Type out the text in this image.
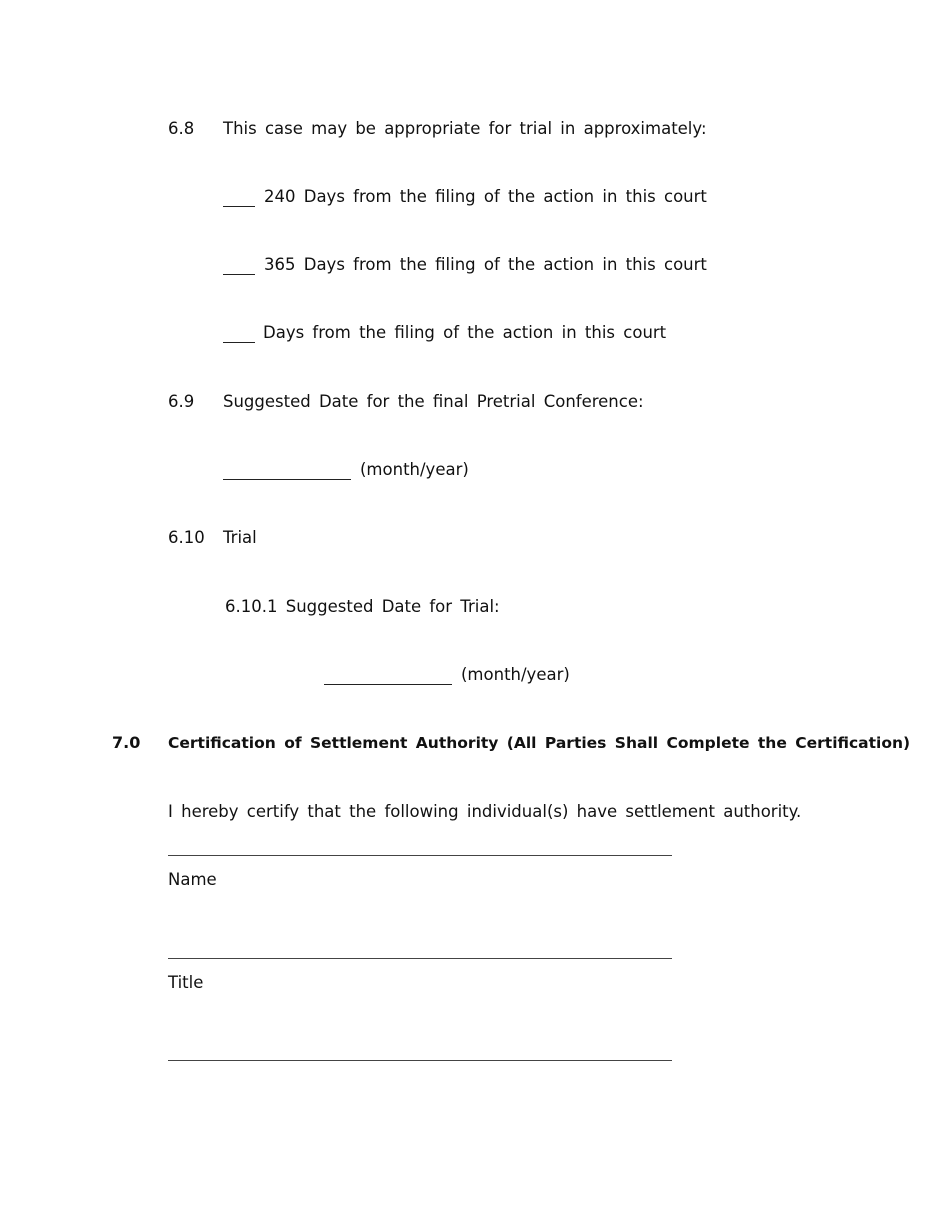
6.8 This case may be appropriate for trial in approximately:
240 Days from the filing of the action in this court
365 Days from the filing of the action in this court
Days from the filing of the action in this court
6.9 Suggested Date for the final Pretrial Conference:
(month/year)
6.10 Trial
6.10.1 Suggested Date for Trial:
(month/year)
7.0 Certification of Settlement Authority (All Parties Shall Complete the Certification)
I hereby certify that the following individual(s) have settlement authority.
Name
Title
